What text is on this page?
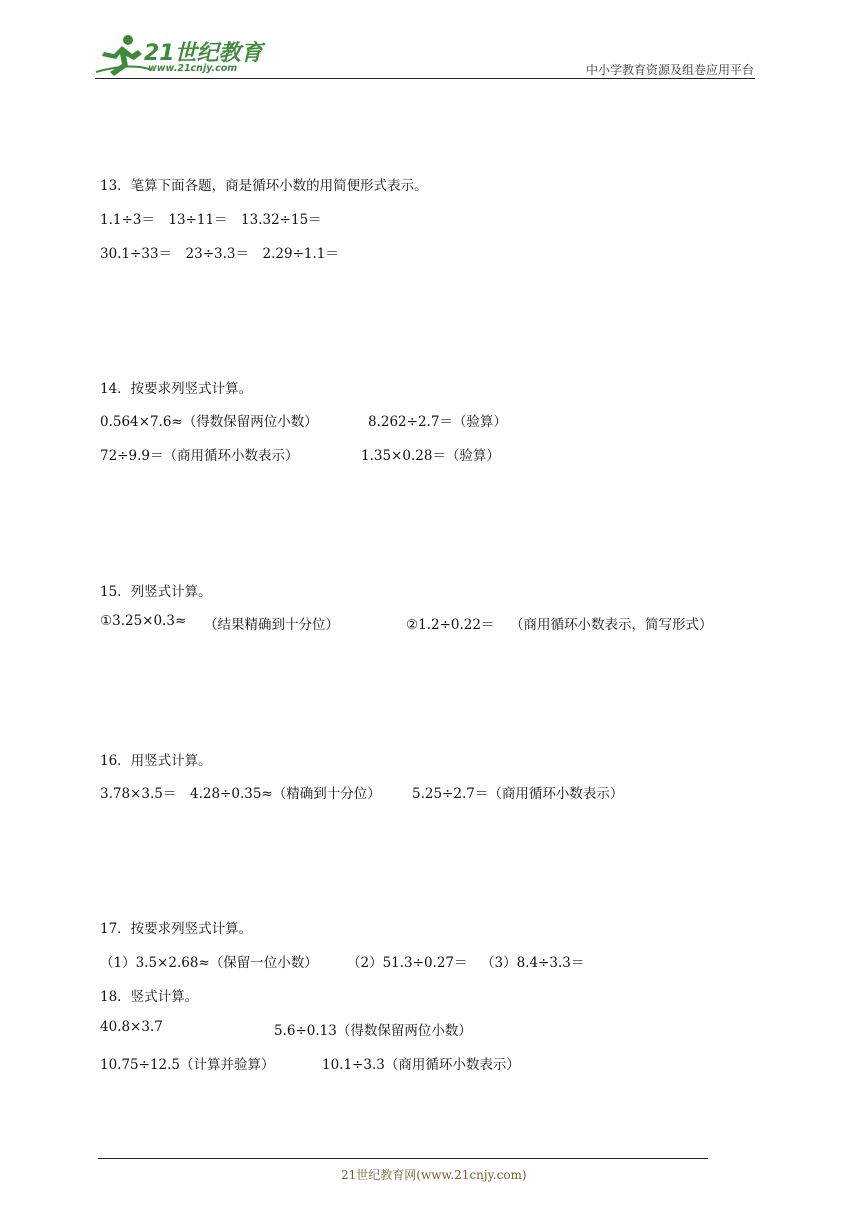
21世纪教育
www.21cnjy.com	中小学教育资源及组卷应用平台
13．笔算下面各题，商是循环小数的用简便形式表示。
1.1÷3＝　13÷11＝　13.32÷15＝
30.1÷33＝　23÷3.3＝　2.29÷1.1＝
14．按要求列竖式计算。
0.564×7.6≈（得数保留两位小数）	8.262÷2.7＝（验算）
72÷9.9＝（商用循环小数表示）	1.35×0.28＝（验算）
15．列竖式计算。
①3.25×0.3≈ （结果精确到十分位）	②1.2÷0.22＝ （商用循环小数表示，简写形式）
16．用竖式计算。
3.78×3.5＝ 4.28÷0.35≈（精确到十分位） 5.25÷2.7＝（商用循环小数表示）
17．按要求列竖式计算。
（1）3.5×2.68≈（保留一位小数） （2）51.3÷0.27＝ （3）8.4÷3.3＝
18．竖式计算。
40.8×3.7	5.6÷0.13（得数保留两位小数）
10.75÷12.5（计算并验算）	10.1÷3.3（商用循环小数表示）
21世纪教育网(www.21cnjy.com)
